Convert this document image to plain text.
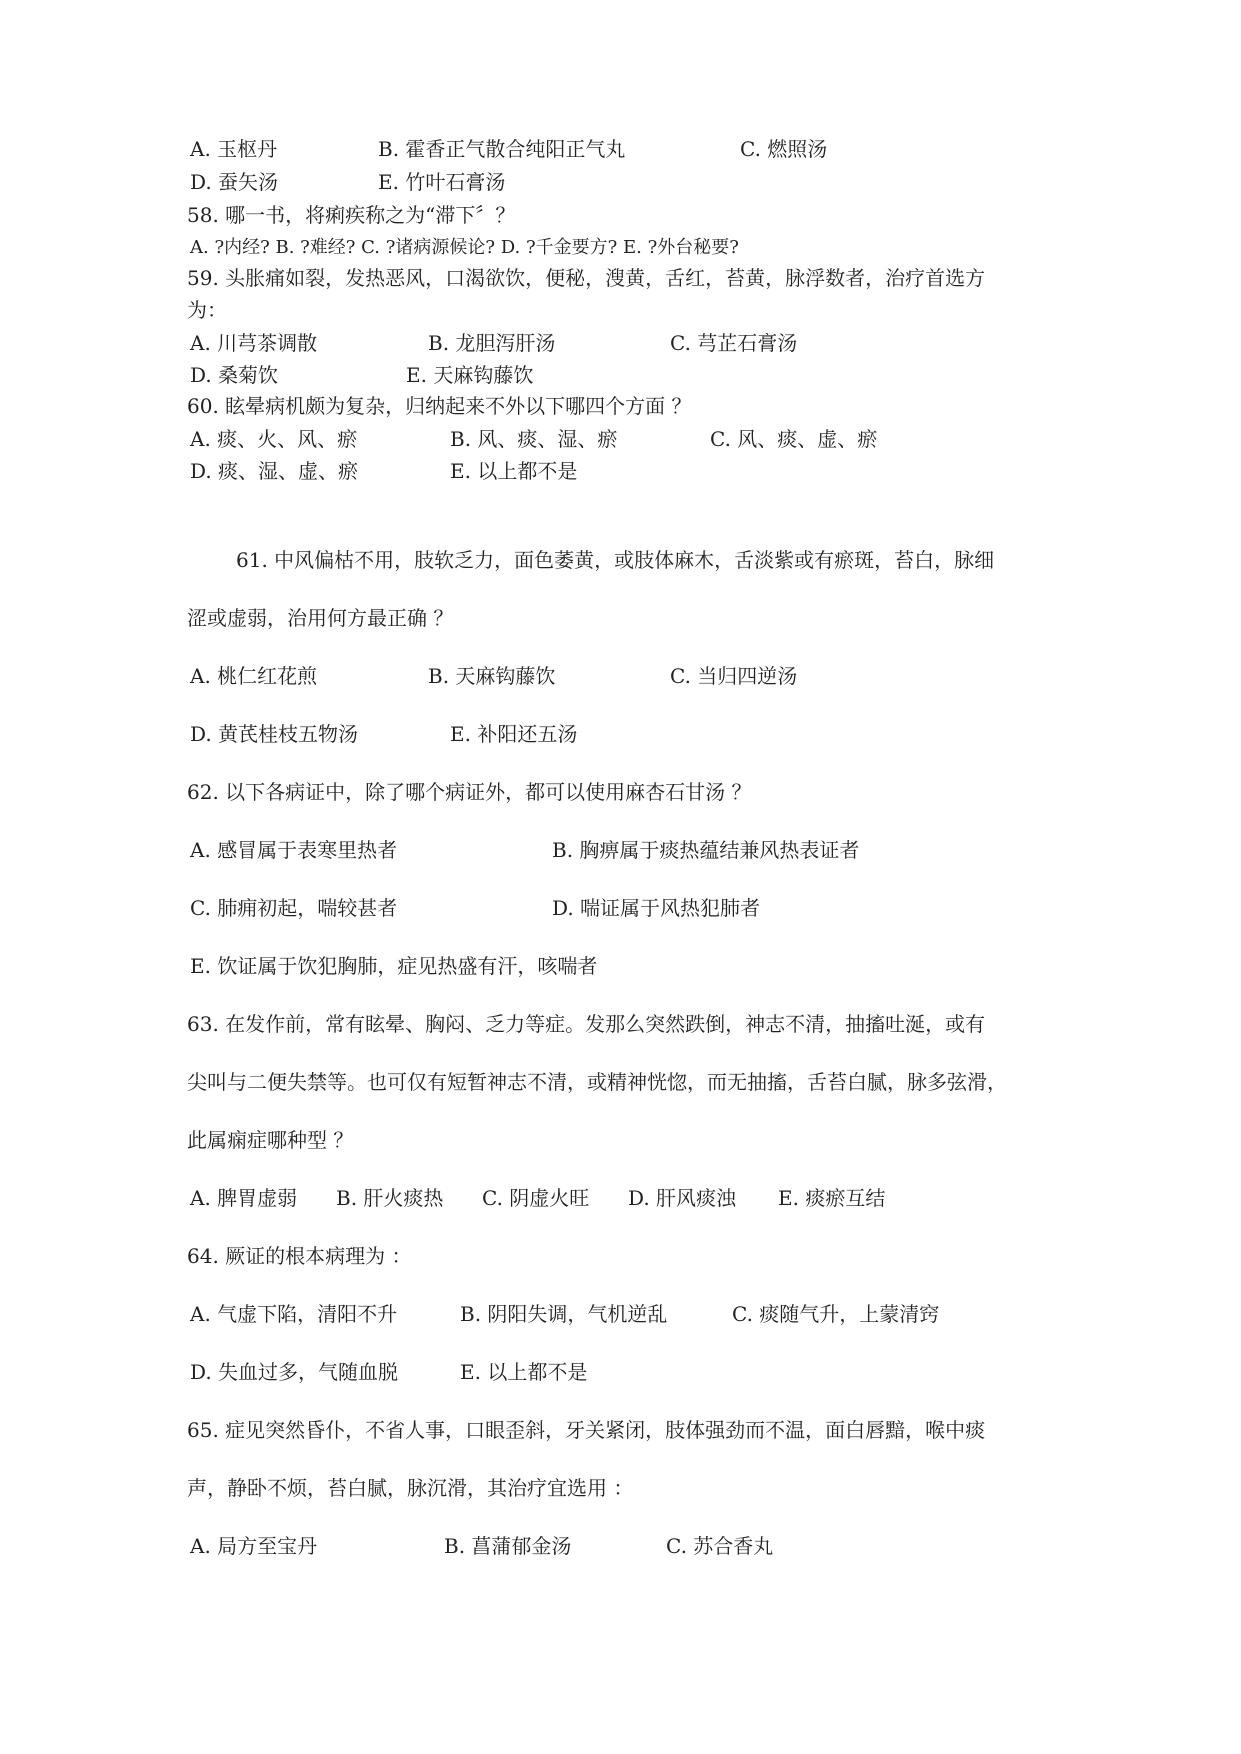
A. 玉枢丹	B. 霍香正气散合纯阳正气丸	C. 燃照汤
D. 蚕矢汤	E. 竹叶石膏汤
58. 哪一书，将痢疾称之为“滞下〞？
A. ?内经? B. ?难经? C. ?诸病源候论? D. ?千金要方? E. ?外台秘要?
59. 头胀痛如裂，发热恶风，口渴欲饮，便秘，溲黄，舌红，苔黄，脉浮数者，治疗首选方
为：
A. 川芎茶调散	B. 龙胆泻肝汤	C. 芎芷石膏汤
D. 桑菊饮	E. 天麻钩藤饮
60. 眩晕病机颇为复杂，归纳起来不外以下哪四个方面 ？
A. 痰、火、风、瘀	B. 风、痰、湿、瘀	C. 风、痰、虚、瘀
D. 痰、湿、虚、瘀	E. 以上都不是
61. 中风偏枯不用，肢软乏力，面色萎黄，或肢体麻木，舌淡紫或有瘀斑，苔白，脉细
涩或虚弱，治用何方最正确 ？
A. 桃仁红花煎	B. 天麻钩藤饮	C. 当归四逆汤
D. 黄芪桂枝五物汤	E. 补阳还五汤
62. 以下各病证中，除了哪个病证外，都可以使用麻杏石甘汤 ？
A. 感冒属于表寒里热者	B. 胸痹属于痰热蕴结兼风热表证者
C. 肺痈初起，喘较甚者	D. 喘证属于风热犯肺者
E. 饮证属于饮犯胸肺，症见热盛有汗，咳喘者
63. 在发作前，常有眩晕、胸闷、乏力等症。发那么突然跌倒，神志不清，抽搐吐涎，或有
尖叫与二便失禁等。也可仅有短暂神志不清，或精神恍惚，而无抽搐，舌苔白腻，脉多弦滑，
此属痫症哪种型 ？
A. 脾胃虚弱 B. 肝火痰热 C. 阴虚火旺 D. 肝风痰浊 E. 痰瘀互结
64. 厥证的根本病理为 ：
A. 气虚下陷，清阳不升	B. 阴阳失调，气机逆乱	C. 痰随气升，上蒙清窍
D. 失血过多，气随血脱	E. 以上都不是
65. 症见突然昏仆，不省人事，口眼歪斜，牙关紧闭，肢体强劲而不温，面白唇黯，喉中痰
声，静卧不烦，苔白腻，脉沉滑，其治疗宜选用 ：
A. 局方至宝丹	B. 菖蒲郁金汤	C. 苏合香丸
